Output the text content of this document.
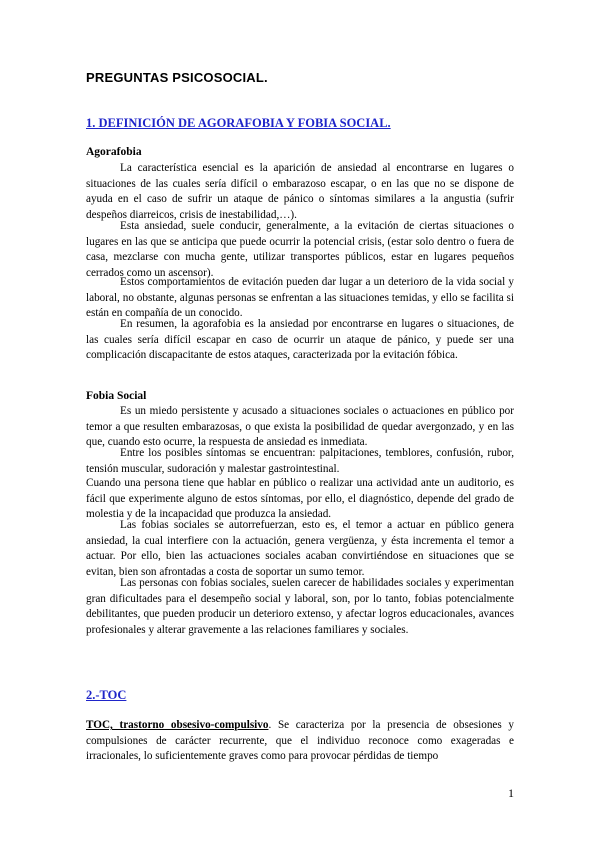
PREGUNTAS PSICOSOCIAL.
1. DEFINICIÓN DE AGORAFOBIA Y FOBIA SOCIAL.
Agorafobia

La característica esencial es la aparición de ansiedad al encontrarse en lugares o situaciones de las cuales sería difícil o embarazoso escapar, o en las que no se dispone de ayuda en el caso de sufrir un ataque de pánico o síntomas similares a la angustia (sufrir despeños diarreicos, crisis de inestabilidad,…).

Esta ansiedad, suele conducir, generalmente, a la evitación de ciertas situaciones o lugares en las que se anticipa que puede ocurrir la potencial crisis, (estar solo dentro o fuera de casa, mezclarse con mucha gente, utilizar transportes públicos, estar en lugares pequeños cerrados como un ascensor).

Estos comportamientos de evitación pueden dar lugar a un deterioro de la vida social y laboral, no obstante, algunas personas se enfrentan a las situaciones temidas, y ello se facilita si están en compañía de un conocido.

En resumen, la agorafobia es la ansiedad por encontrarse en lugares o situaciones, de las cuales sería difícil escapar en caso de ocurrir un ataque de pánico, y puede ser una complicación discapacitante de estos ataques, caracterizada por la evitación fóbica.

Fobia Social

Es un miedo persistente y acusado a situaciones sociales o actuaciones en público por temor a que resulten embarazosas, o que exista la posibilidad de quedar avergonzado, y en las que, cuando esto ocurre, la respuesta de ansiedad es inmediata.

Entre los posibles síntomas se encuentran: palpitaciones, temblores, confusión, rubor, tensión muscular, sudoración y malestar gastrointestinal.

Cuando una persona tiene que hablar en público o realizar una actividad ante un auditorio, es fácil que experimente alguno de estos síntomas, por ello, el diagnóstico, depende del grado de molestia y de la incapacidad que produzca la ansiedad.

Las fobias sociales se autorrefuerzan, esto es, el temor a actuar en público genera ansiedad, la cual interfiere con la actuación, genera vergüenza, y ésta incrementa el temor a actuar. Por ello, bien las actuaciones sociales acaban convirtiéndose en situaciones que se evitan, bien son afrontadas a costa de soportar un sumo temor.

Las personas con fobias sociales, suelen carecer de habilidades sociales y experimentan gran dificultades para el desempeño social y laboral, son, por lo tanto, fobias potencialmente debilitantes, que pueden producir un deterioro extenso, y afectar logros educacionales, avances profesionales y alterar gravemente a las relaciones familiares y sociales.

2.-TOC

TOC, trastorno obsesivo-compulsivo. Se caracteriza por la presencia de obsesiones y compulsiones de carácter recurrente, que el individuo reconoce como exageradas e irracionales, lo suficientemente graves como para provocar pérdidas de tiempo

1
